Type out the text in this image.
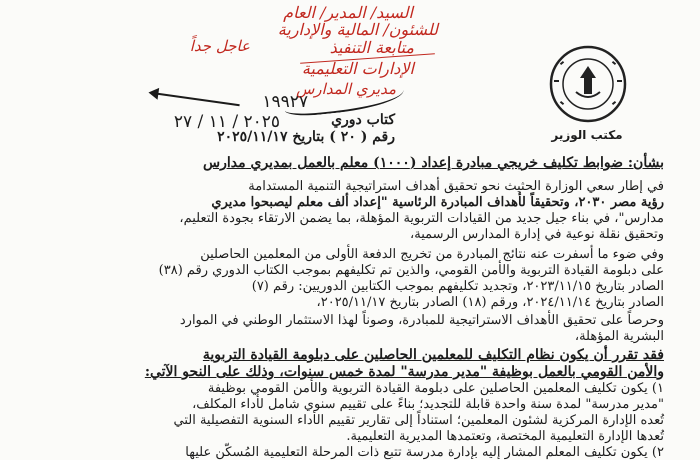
مكتب الوزير
السيد/ المدير/ العام
للشئون/ المالية والإدارية
عاجل جداً	متابعة التنفيذ
الإدارات التعليمية
مديري المدارس
١٩٩٢٧
٢٠٢٥ / ١١ / ٢٧	كتاب دوري
رقم ( ٢٠ ) بتاريخ ٢٠٢٥/١١/١٧
بشأن: ضوابط تكليف خريجي مبادرة إعداد (١٠٠٠) معلم بالعمل بمديري مدارس
في إطار سعي الوزارة الحثيث نحو تحقيق أهداف استراتيجية التنمية المستدامة
رؤية مصر ٢٠٣٠، وتحقيقاً لأهداف المبادرة الرئاسية "إعداد ألف معلم ليصبحوا مديري
مدارس"، في بناء جيل جديد من القيادات التربوية المؤهلة، بما يضمن الارتقاء بجودة التعليم،
وتحقيق نقلة نوعية في إدارة المدارس الرسمية،
وفي ضوء ما أسفرت عنه نتائج المبادرة من تخريج الدفعة الأولى من المعلمين الحاصلين
على دبلومة القيادة التربوية والأمن القومي، والذين تم تكليفهم بموجب الكتاب الدوري رقم (٣٨)
الصادر بتاريخ ٢٠٢٣/١١/١٥، وتجديد تكليفهم بموجب الكتابين الدوريين: رقم (٧)
الصادر بتاريخ ٢٠٢٤/١١/١٤، ورقم (١٨) الصادر بتاريخ ٢٠٢٥/١١/١٧،
وحرصاً على تحقيق الأهداف الاستراتيجية للمبادرة، وصوناً لهذا الاستثمار الوطني في الموارد
البشرية المؤهلة،
فقد تقرر أن يكون نظام التكليف للمعلمين الحاصلين على دبلومة القيادة التربوية
والأمن القومي بالعمل بوظيفة "مدير مدرسة" لمدة خمس سنوات، وذلك على النحو الآتي:
١) يكون تكليف المعلمين الحاصلين على دبلومة القيادة التربوية والأمن القومي بوظيفة
"مدير مدرسة" لمدة سنة واحدة قابلة للتجديد؛ بناءً على تقييم سنوي شامل لأداء المكلف،
تُعده الإدارة المركزية لشئون المعلمين؛ استناداً إلى تقارير تقييم الأداء السنوية التفصيلية التي
تُعدها الإدارة التعليمية المختصة، وتعتمدها المديرية التعليمية.
٢) يكون تكليف المعلم المشار إليه بإدارة مدرسة تتبع ذات المرحلة التعليمية المُسكّن عليها
